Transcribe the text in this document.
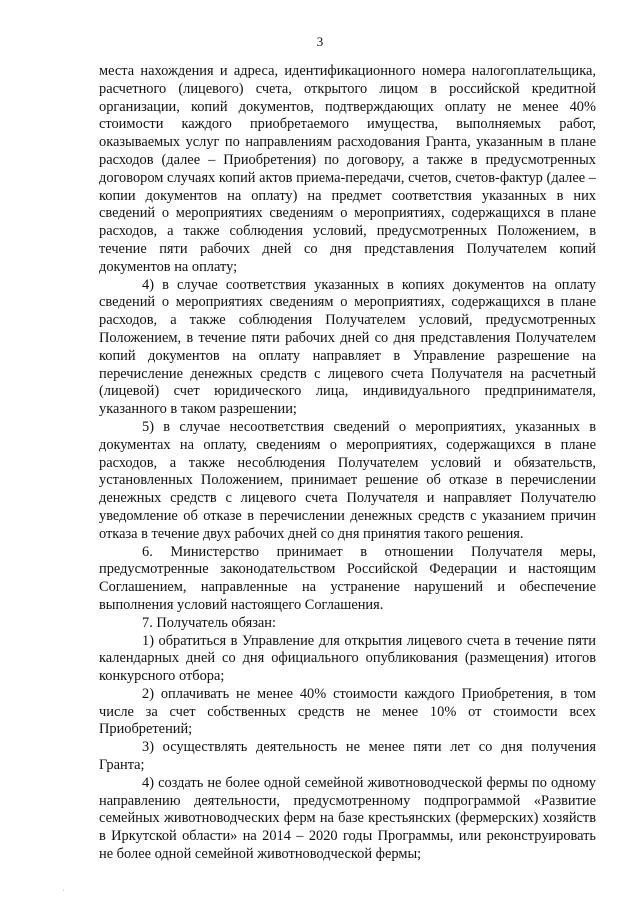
3

места нахождения и адреса, идентификационного номера налогоплательщика, расчетного (лицевого) счета, открытого лицом в российской кредитной организации, копий документов, подтверждающих оплату не менее 40% стоимости каждого приобретаемого имущества, выполняемых работ, оказываемых услуг по направлениям расходования Гранта, указанным в плане расходов (далее – Приобретения) по договору, а также в предусмотренных договором случаях копий актов приема-передачи, счетов, счетов-фактур (далее – копии документов на оплату) на предмет соответствия указанных в них сведений о мероприятиях сведениям о мероприятиях, содержащихся в плане расходов, а также соблюдения условий, предусмотренных Положением, в течение пяти рабочих дней со дня представления Получателем копий документов на оплату;

4) в случае соответствия указанных в копиях документов на оплату сведений о мероприятиях сведениям о мероприятиях, содержащихся в плане расходов, а также соблюдения Получателем условий, предусмотренных Положением, в течение пяти рабочих дней со дня представления Получателем копий документов на оплату направляет в Управление разрешение на перечисление денежных средств с лицевого счета Получателя на расчетный (лицевой) счет юридического лица, индивидуального предпринимателя, указанного в таком разрешении;

5) в случае несоответствия сведений о мероприятиях, указанных в документах на оплату, сведениям о мероприятиях, содержащихся в плане расходов, а также несоблюдения Получателем условий и обязательств, установленных Положением, принимает решение об отказе в перечислении денежных средств с лицевого счета Получателя и направляет Получателю уведомление об отказе в перечислении денежных средств с указанием причин отказа в течение двух рабочих дней со дня принятия такого решения.

6. Министерство принимает в отношении Получателя меры, предусмотренные законодательством Российской Федерации и настоящим Соглашением, направленные на устранение нарушений и обеспечение выполнения условий настоящего Соглашения.

7. Получатель обязан:

1) обратиться в Управление для открытия лицевого счета в течение пяти календарных дней со дня официального опубликования (размещения) итогов конкурсного отбора;

2) оплачивать не менее 40% стоимости каждого Приобретения, в том числе за счет собственных средств не менее 10% от стоимости всех Приобретений;

3) осуществлять деятельность не менее пяти лет со дня получения Гранта;

4) создать не более одной семейной животноводческой фермы по одному направлению деятельности, предусмотренному подпрограммой «Развитие семейных животноводческих ферм на базе крестьянских (фермерских) хозяйств в Иркутской области» на 2014 – 2020 годы Программы, или реконструировать не более одной семейной животноводческой фермы;

·
